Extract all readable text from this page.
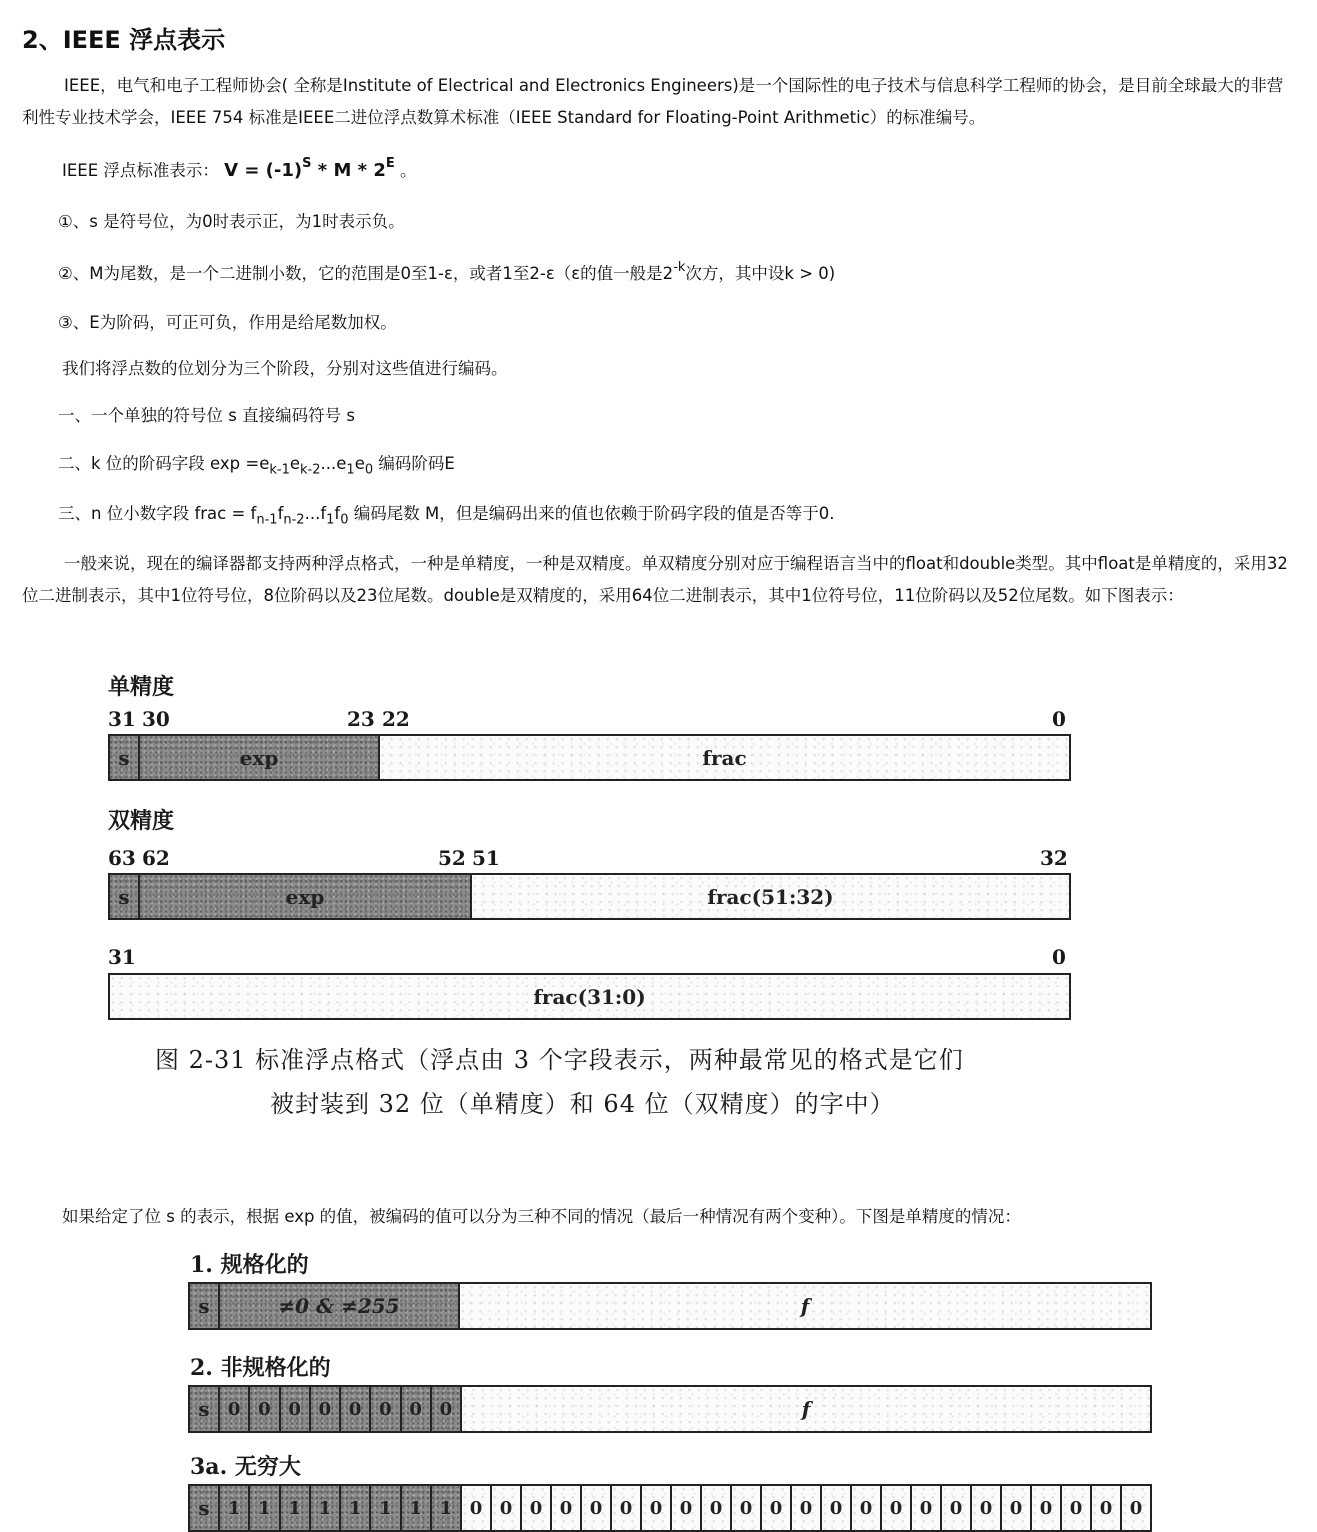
2、IEEE 浮点表示
IEEE，电气和电子工程师协会( 全称是Institute of Electrical and Electronics Engineers)是一个国际性的电子技术与信息科学工程师的协会，是目前全球最大的非营利性专业技术学会，IEEE 754 标准是IEEE二进位浮点数算术标准（IEEE Standard for Floating-Point Arithmetic）的标准编号。
IEEE 浮点标准表示： $V = (-1)^S * M * 2^E$ 。
①、s 是符号位，为0时表示正，为1时表示负。
②、M为尾数，是一个二进制小数，它的范围是0至1-ε，或者1至2-ε（ε的值一般是$2^{-k}$次方，其中设k > 0)
③、E为阶码，可正可负，作用是给尾数加权。
我们将浮点数的位划分为三个阶段，分别对这些值进行编码。
一、一个单独的符号位 s 直接编码符号 s
二、k 位的阶码字段 $\exp =e_{k-1}e_{k-2}...e_1e_0$ 编码阶码E
三、n 位小数字段 frac = $f_{n-1}f_{n-2}...f_1f_0$ 编码尾数 M，但是编码出来的值也依赖于阶码字段的值是否等于0.
一般来说，现在的编译器都支持两种浮点格式，一种是单精度，一种是双精度。单双精度分别对应于编程语言当中的float和double类型。其中float是单精度的，采用32位二进制表示，其中1位符号位，8位阶码以及23位尾数。double是双精度的，采用64位二进制表示，其中1位符号位，11位阶码以及52位尾数。如下图表示：
单精度
31 30	23 22	0
s	exp	frac
双精度
63 62	52 51	32
s	exp	frac(51:32)
31	0
frac(31:0)
图 2-31 标准浮点格式（浮点由 3 个字段表示，两种最常见的格式是它们
被封装到 32 位（单精度）和 64 位（双精度）的字中）
如果给定了位 s 的表示，根据 exp 的值，被编码的值可以分为三种不同的情况（最后一种情况有两个变种）。下图是单精度的情况：
1. 规格化的
s	≠0 & ≠255	f
2. 非规格化的
s	0 0 0 0 0 0 0 0	f
3a. 无穷大
s	1 1 1 1 1 1 1 1 0 0 0 0 0 0 0 0 0 0 0 0 0 0 0 0 0 0 0 0 0 0 0
